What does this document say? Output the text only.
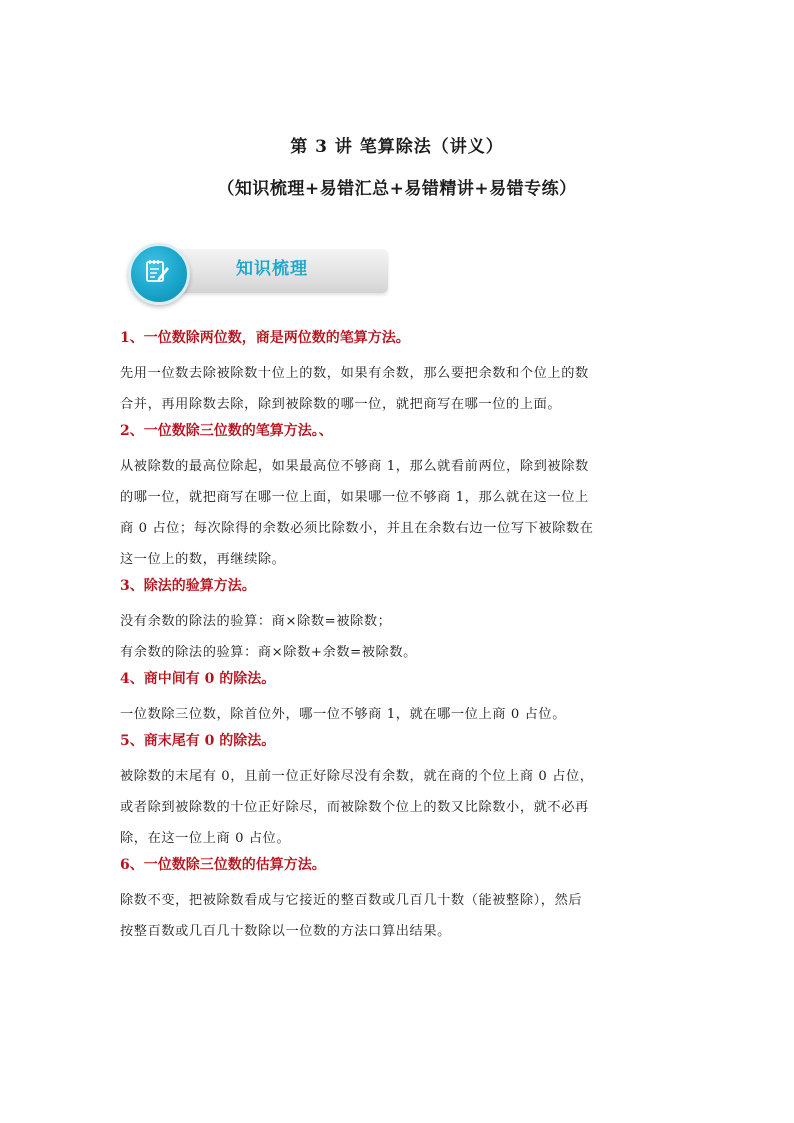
第 3 讲 笔算除法（讲义）
（知识梳理+易错汇总+易错精讲+易错专练）
知识梳理

1、一位数除两位数，商是两位数的笔算方法。

先用一位数去除被除数十位上的数，如果有余数，那么要把余数和个位上的数

合并，再用除数去除，除到被除数的哪一位，就把商写在哪一位的上面。

2、一位数除三位数的笔算方法。、

从被除数的最高位除起，如果最高位不够商 1，那么就看前两位，除到被除数

的哪一位，就把商写在哪一位上面，如果哪一位不够商 1，那么就在这一位上

商 0 占位；每次除得的余数必须比除数小，并且在余数右边一位写下被除数在

这一位上的数，再继续除。

3、除法的验算方法。

没有余数的除法的验算：商×除数=被除数；

有余数的除法的验算：商×除数+余数=被除数。

4、商中间有 0 的除法。

一位数除三位数，除首位外，哪一位不够商 1，就在哪一位上商 0 占位。

5、商末尾有 0 的除法。

被除数的末尾有 0，且前一位正好除尽没有余数，就在商的个位上商 0 占位，

或者除到被除数的十位正好除尽，而被除数个位上的数又比除数小，就不必再

除，在这一位上商 0 占位。

6、一位数除三位数的估算方法。

除数不变，把被除数看成与它接近的整百数或几百几十数（能被整除），然后

按整百数或几百几十数除以一位数的方法口算出结果。
